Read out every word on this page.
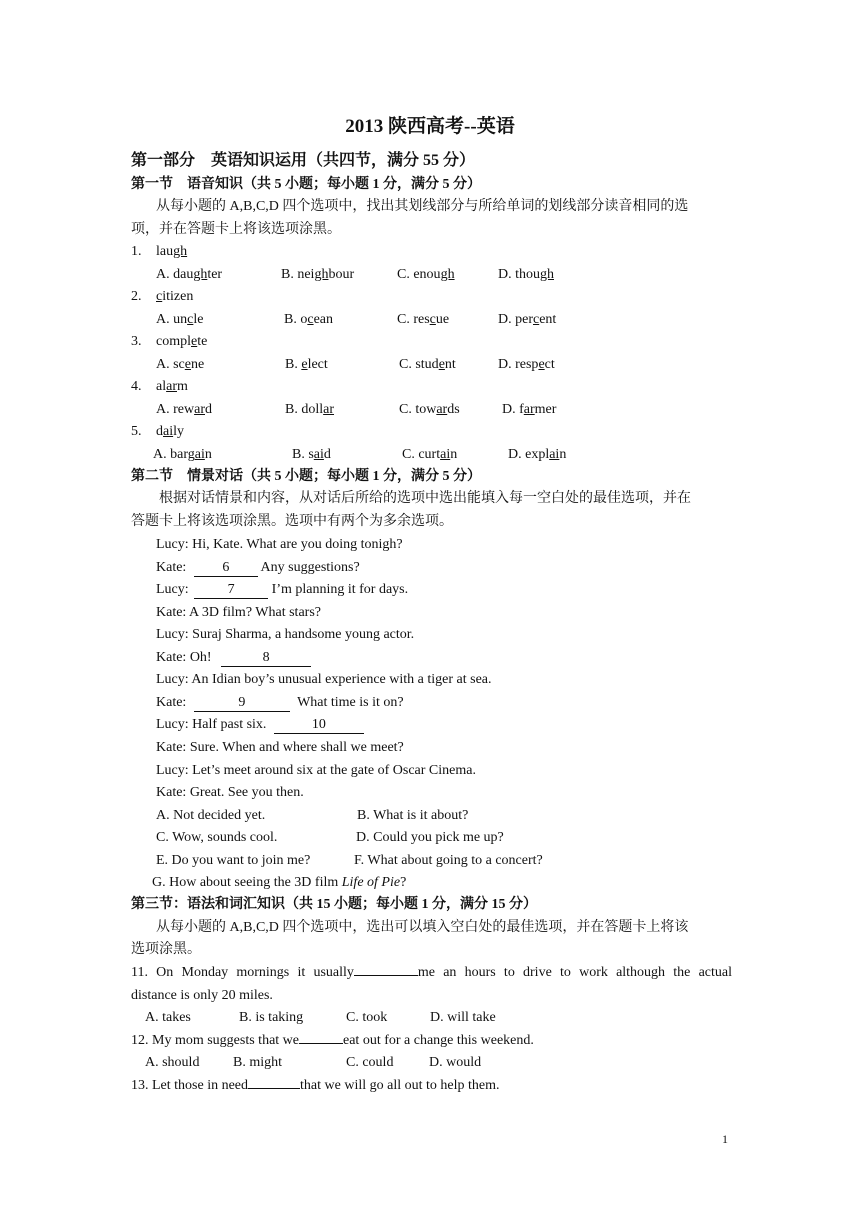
2013 陕西高考--英语
第一部分　英语知识运用（共四节，满分 55 分）
第一节　语音知识（共 5 小题；每小题 1 分，满分 5 分）
从每小题的 A,B,C,D 四个选项中，找出其划线部分与所给单词的划线部分读音相同的选
项，并在答题卡上将该选项涂黑。
1. laugh
A. daughter	B. neighbour	C. enough	D. though
2. citizen
A. uncle	B. ocean	C. rescue	D. percent
3. complete
A. scene	B. elect	C. student	D. respect
4. alarm
A. reward	B. dollar	C. towards	D. farmer
5. daily
A. bargain	B. said	C. curtain	D. explain
第二节　情景对话（共 5 小题；每小题 1 分，满分 5 分）
根据对话情景和内容，从对话后所给的选项中选出能填入每一空白处的最佳选项，并在
答题卡上将该选项涂黑。选项中有两个为多余选项。
Lucy: Hi, Kate. What are you doing tonigh?
Kate: 6 Any suggestions?
Lucy:	7 I’m planning it for days.
Kate: A 3D film? What stars?
Lucy: Suraj Sharma, a handsome young actor.
Kate: Oh!	8
Lucy: An Idian boy’s unusual experience with a tiger at sea.
Kate:	9	What time is it on?
Lucy: Half past six.	10
Kate: Sure. When and where shall we meet?
Lucy: Let’s meet around six at the gate of Oscar Cinema.
Kate: Great. See you then.
A. Not decided yet.	B. What is it about?
C. Wow, sounds cool.	D. Could you pick me up?
E. Do you want to join me?	F. What about going to a concert?
G. How about seeing the 3D film Life of Pie?
第三节：语法和词汇知识（共 15 小题；每小题 1 分，满分 15 分）
从每小题的 A,B,C,D 四个选项中，选出可以填入空白处的最佳选项，并在答题卡上将该
选项涂黑。
11. On Monday mornings it usually	me an hours to drive to work although the actual
distance is only 20 miles.
A. takes	B. is taking	C. took	D. will take
12. My mom suggests that we	eat out for a change this weekend.
A. should B. might	C. could	D. would
13. Let those in need	that we will go all out to help them.
1
